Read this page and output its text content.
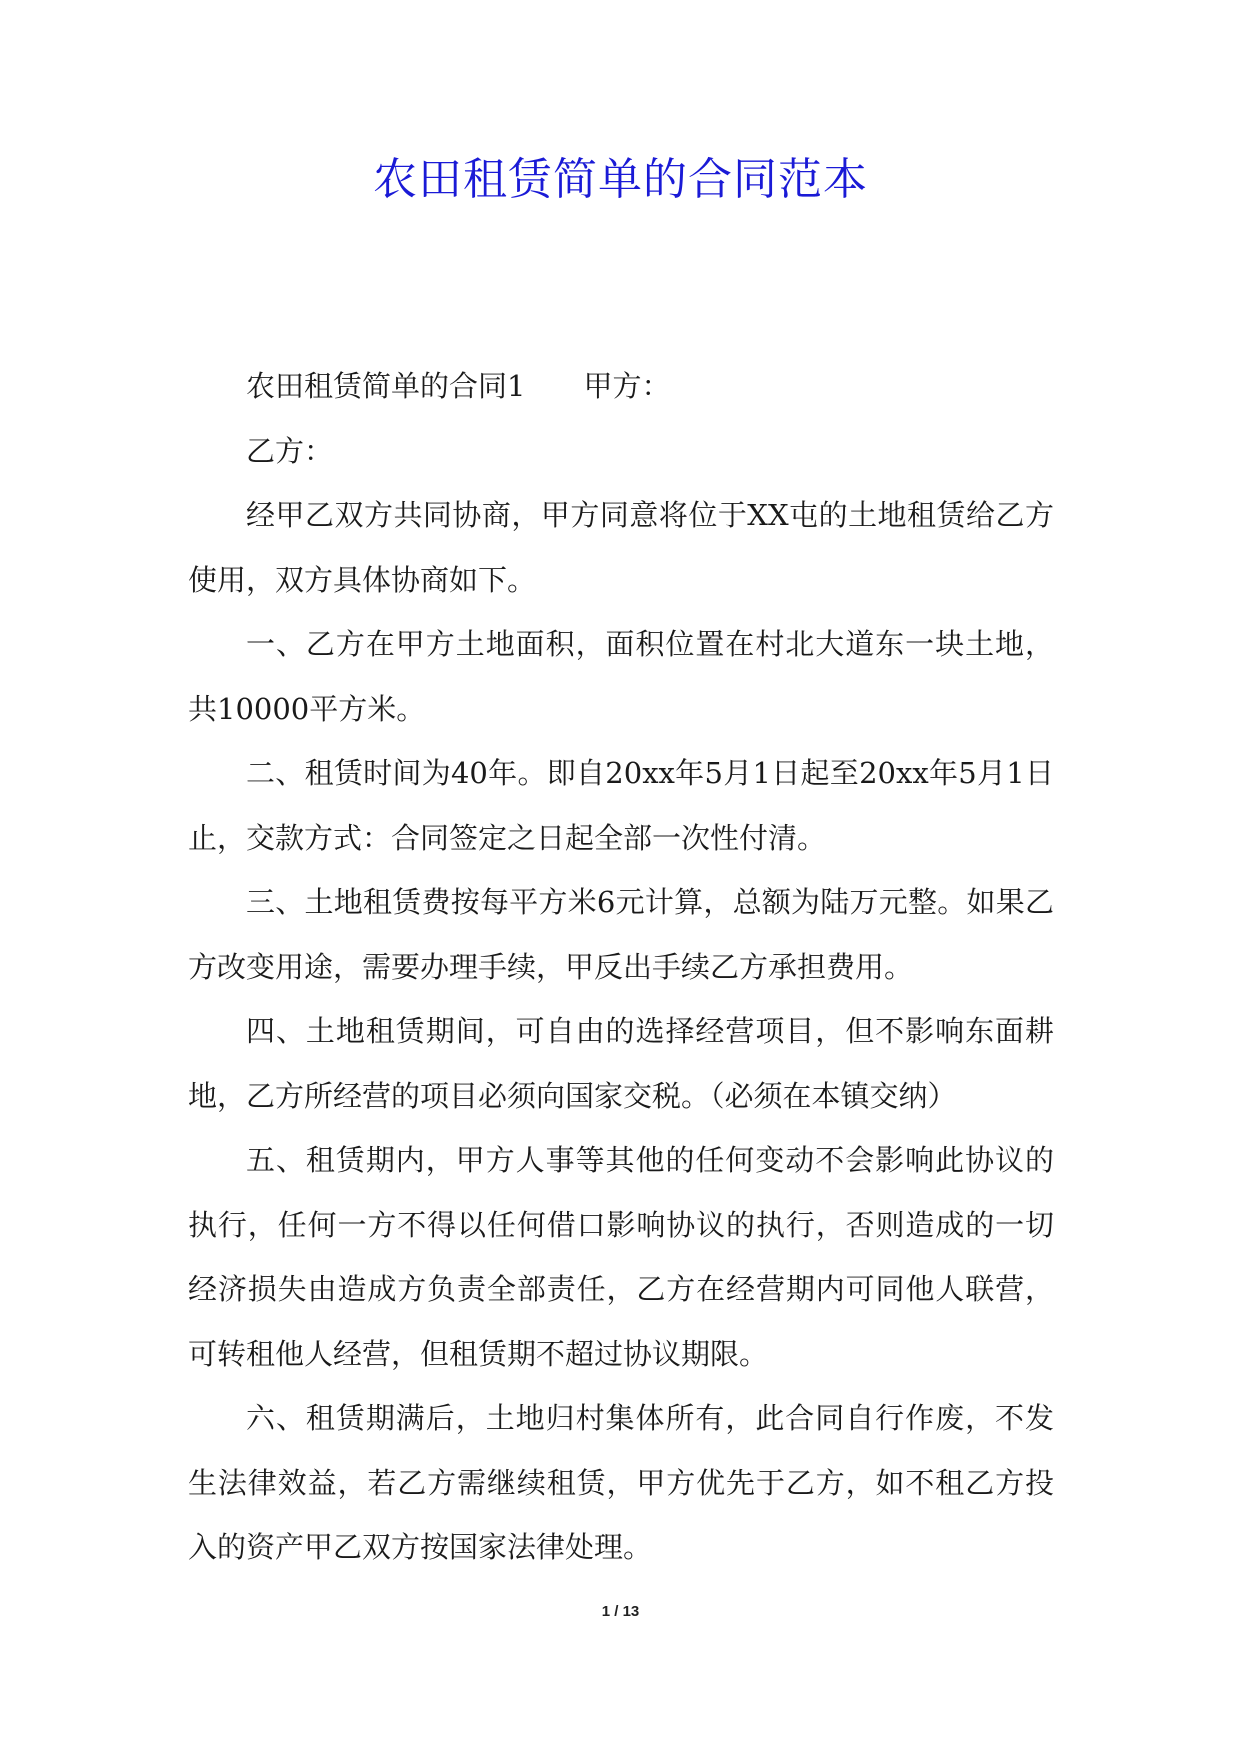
农田租赁简单的合同范本

农田租赁简单的合同1　　甲方：

乙方：

经甲乙双方共同协商，甲方同意将位于XX屯的土地租赁给乙方使用，双方具体协商如下。

一、乙方在甲方土地面积，面积位置在村北大道东一块土地，共10000平方米。

二、租赁时间为40年。即自20xx年5月1日起至20xx年5月1日止，交款方式：合同签定之日起全部一次性付清。

三、土地租赁费按每平方米6元计算，总额为陆万元整。如果乙方改变用途，需要办理手续，甲反出手续乙方承担费用。

四、土地租赁期间，可自由的选择经营项目，但不影响东面耕地，乙方所经营的项目必须向国家交税。（必须在本镇交纳）

五、租赁期内，甲方人事等其他的任何变动不会影响此协议的执行，任何一方不得以任何借口影响协议的执行，否则造成的一切经济损失由造成方负责全部责任，乙方在经营期内可同他人联营，可转租他人经营，但租赁期不超过协议期限。

六、租赁期满后，土地归村集体所有，此合同自行作废，不发生法律效益，若乙方需继续租赁，甲方优先于乙方，如不租乙方投入的资产甲乙双方按国家法律处理。

1 / 13
